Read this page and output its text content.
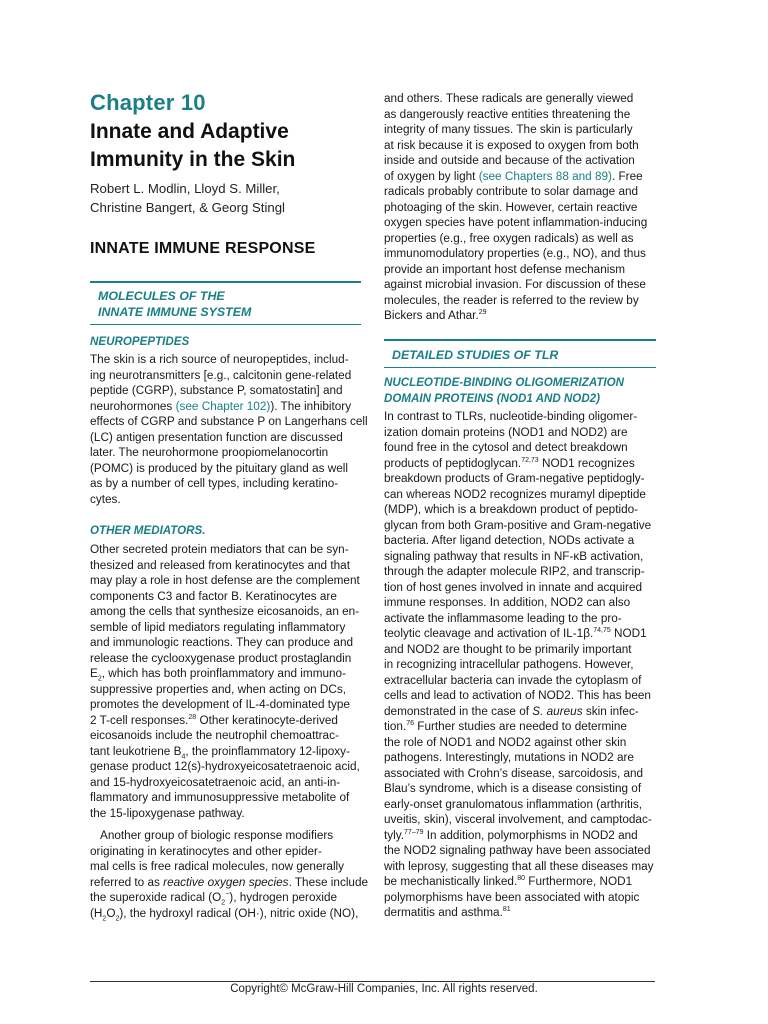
Chapter 10
Innate and Adaptive
Immunity in the Skin
Robert L. Modlin, Lloyd S. Miller,
Christine Bangert, & Georg Stingl
INNATE IMMUNE RESPONSE
MOLECULES OF THE
INNATE IMMUNE SYSTEM
NEUROPEPTIDES
The skin is a rich source of neuropeptides, includ-
ing neurotransmitters [e.g., calcitonin gene-related
peptide (CGRP), substance P, somatostatin] and
neurohormones (see Chapter 102)). The inhibitory
effects of CGRP and substance P on Langerhans cell
(LC) antigen presentation function are discussed
later. The neurohormone proopiomelanocortin
(POMC) is produced by the pituitary gland as well
as by a number of cell types, including keratino-
cytes.
OTHER MEDIATORS.
Other secreted protein mediators that can be syn-
thesized and released from keratinocytes and that
may play a role in host defense are the complement
components C3 and factor B. Keratinocytes are
among the cells that synthesize eicosanoids, an en-
semble of lipid mediators regulating inflammatory
and immunologic reactions. They can produce and
release the cyclooxygenase product prostaglandin
$E_2$, which has both proinflammatory and immuno-
suppressive properties and, when acting on DCs,
promotes the development of IL-4-dominated type
2 T-cell responses.$^{28}$ Other keratinocyte-derived
eicosanoids include the neutrophil chemoattrac-
tant leukotriene $B_4$, the proinflammatory 12-lipoxy-
genase product 12(s)-hydroxyeicosatetraenoic acid,
and 15-hydroxyeicosatetraenoic acid, an anti-in-
flammatory and immunosuppressive metabolite of
the 15-lipoxygenase pathway.
Another group of biologic response modifiers
originating in keratinocytes and other epider-
mal cells is free radical molecules, now generally
referred to as reactive oxygen species. These include
the superoxide radical $(O_2^-)$, hydrogen peroxide
$(H_2O_2)$, the hydroxyl radical (OH·), nitric oxide (NO),
and others. These radicals are generally viewed
as dangerously reactive entities threatening the
integrity of many tissues. The skin is particularly
at risk because it is exposed to oxygen from both
inside and outside and because of the activation
of oxygen by light (see Chapters 88 and 89). Free
radicals probably contribute to solar damage and
photoaging of the skin. However, certain reactive
oxygen species have potent inflammation-inducing
properties (e.g., free oxygen radicals) as well as
immunomodulatory properties (e.g., NO), and thus
provide an important host defense mechanism
against microbial invasion. For discussion of these
molecules, the reader is referred to the review by
Bickers and Athar.$^{29}$
DETAILED STUDIES OF TLR
NUCLEOTIDE-BINDING OLIGOMERIZATION
DOMAIN PROTEINS (NOD1 AND NOD2)
In contrast to TLRs, nucleotide-binding oligomer-
ization domain proteins (NOD1 and NOD2) are
found free in the cytosol and detect breakdown
products of peptidoglycan.$^{72,73}$ NOD1 recognizes
breakdown products of Gram-negative peptidogly-
can whereas NOD2 recognizes muramyl dipeptide
(MDP), which is a breakdown product of peptido-
glycan from both Gram-positive and Gram-negative
bacteria. After ligand detection, NODs activate a
signaling pathway that results in NF-κB activation,
through the adapter molecule RIP2, and transcrip-
tion of host genes involved in innate and acquired
immune responses. In addition, NOD2 can also
activate the inflammasome leading to the pro-
teolytic cleavage and activation of IL-1β.$^{74,75}$ NOD1
and NOD2 are thought to be primarily important
in recognizing intracellular pathogens. However,
extracellular bacteria can invade the cytoplasm of
cells and lead to activation of NOD2. This has been
demonstrated in the case of S. aureus skin infec-
tion.$^{76}$ Further studies are needed to determine
the role of NOD1 and NOD2 against other skin
pathogens. Interestingly, mutations in NOD2 are
associated with Crohn’s disease, sarcoidosis, and
Blau’s syndrome, which is a disease consisting of
early-onset granulomatous inflammation (arthritis,
uveitis, skin), visceral involvement, and camptodac-
tyly.$^{77-79}$ In addition, polymorphisms in NOD2 and
the NOD2 signaling pathway have been associated
with leprosy, suggesting that all these diseases may
be mechanistically linked.$^{80}$ Furthermore, NOD1
polymorphisms have been associated with atopic
dermatitis and asthma.$^{81}$
Copyright© McGraw-Hill Companies, Inc. All rights reserved.
